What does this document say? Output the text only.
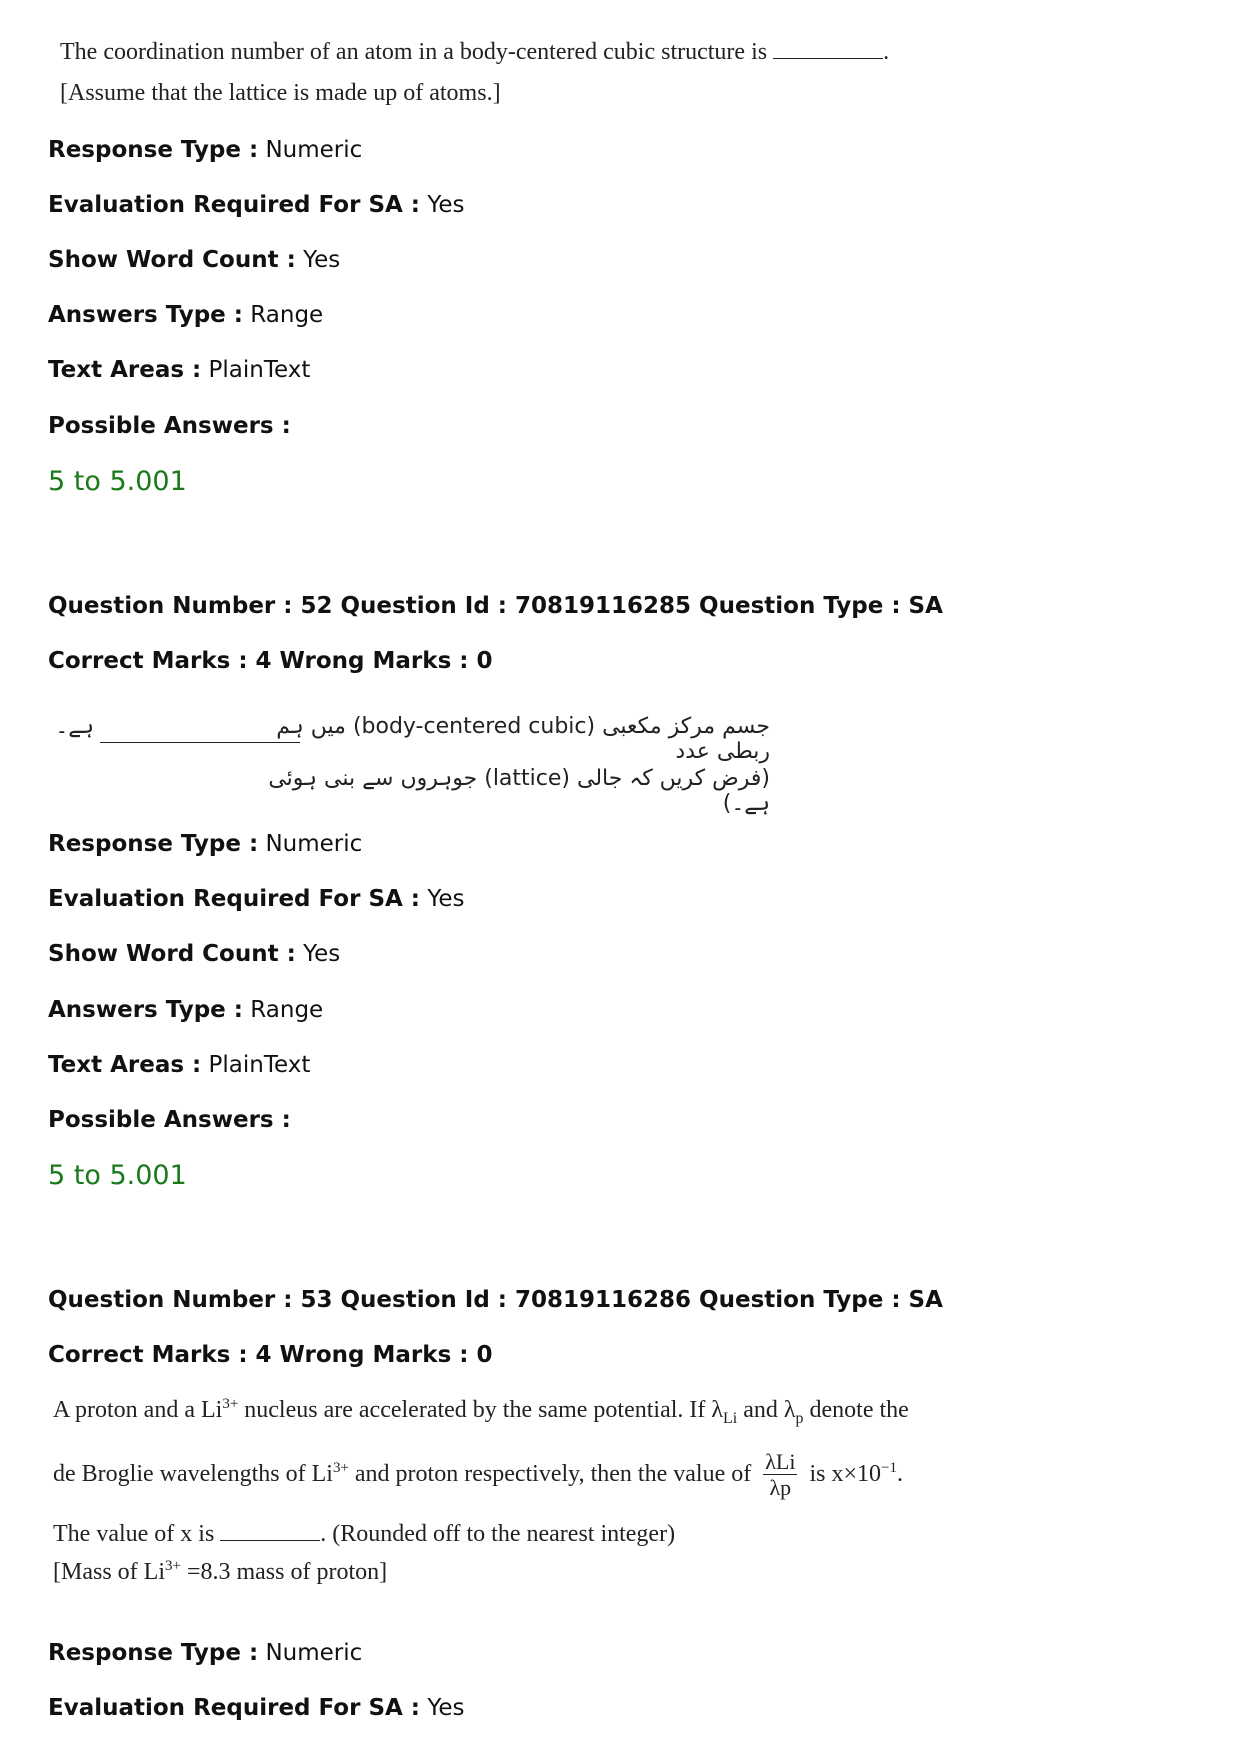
The coordination number of an atom in a body-centered cubic structure is	.
[Assume that the lattice is made up of atoms.]
Response Type : Numeric
Evaluation Required For SA : Yes
Show Word Count : Yes
Answers Type : Range
Text Areas : PlainText
Possible Answers :
5 to 5.001
Question Number : 52 Question Id : 70819116285 Question Type : SA
Correct Marks : 4 Wrong Marks : 0
جسم مرکز مکعبی (body-centered cubic) میں ہم ربطی عدد
ہے۔
(فرض کریں کہ جالی (lattice) جوہروں سے بنی ہوئی ہے۔)
Response Type : Numeric
Evaluation Required For SA : Yes
Show Word Count : Yes
Answers Type : Range
Text Areas : PlainText
Possible Answers :
5 to 5.001
Question Number : 53 Question Id : 70819116286 Question Type : SA
Correct Marks : 4 Wrong Marks : 0
A proton and a $Li^{3+}$ nucleus are accelerated by the same potential. If $\lambda_{Li}$ and $\lambda_p$ denote the
de Broglie wavelengths of $Li^{3+}$ and proton respectively, then the value of $\frac{\text{λLi}}{\lambda p}$ is $x\times 10^{-1}$.
The value of x is	. (Rounded off to the nearest integer)
[Mass of $Li^{3+} =8.3$ mass of proton]
Response Type : Numeric
Evaluation Required For SA : Yes
